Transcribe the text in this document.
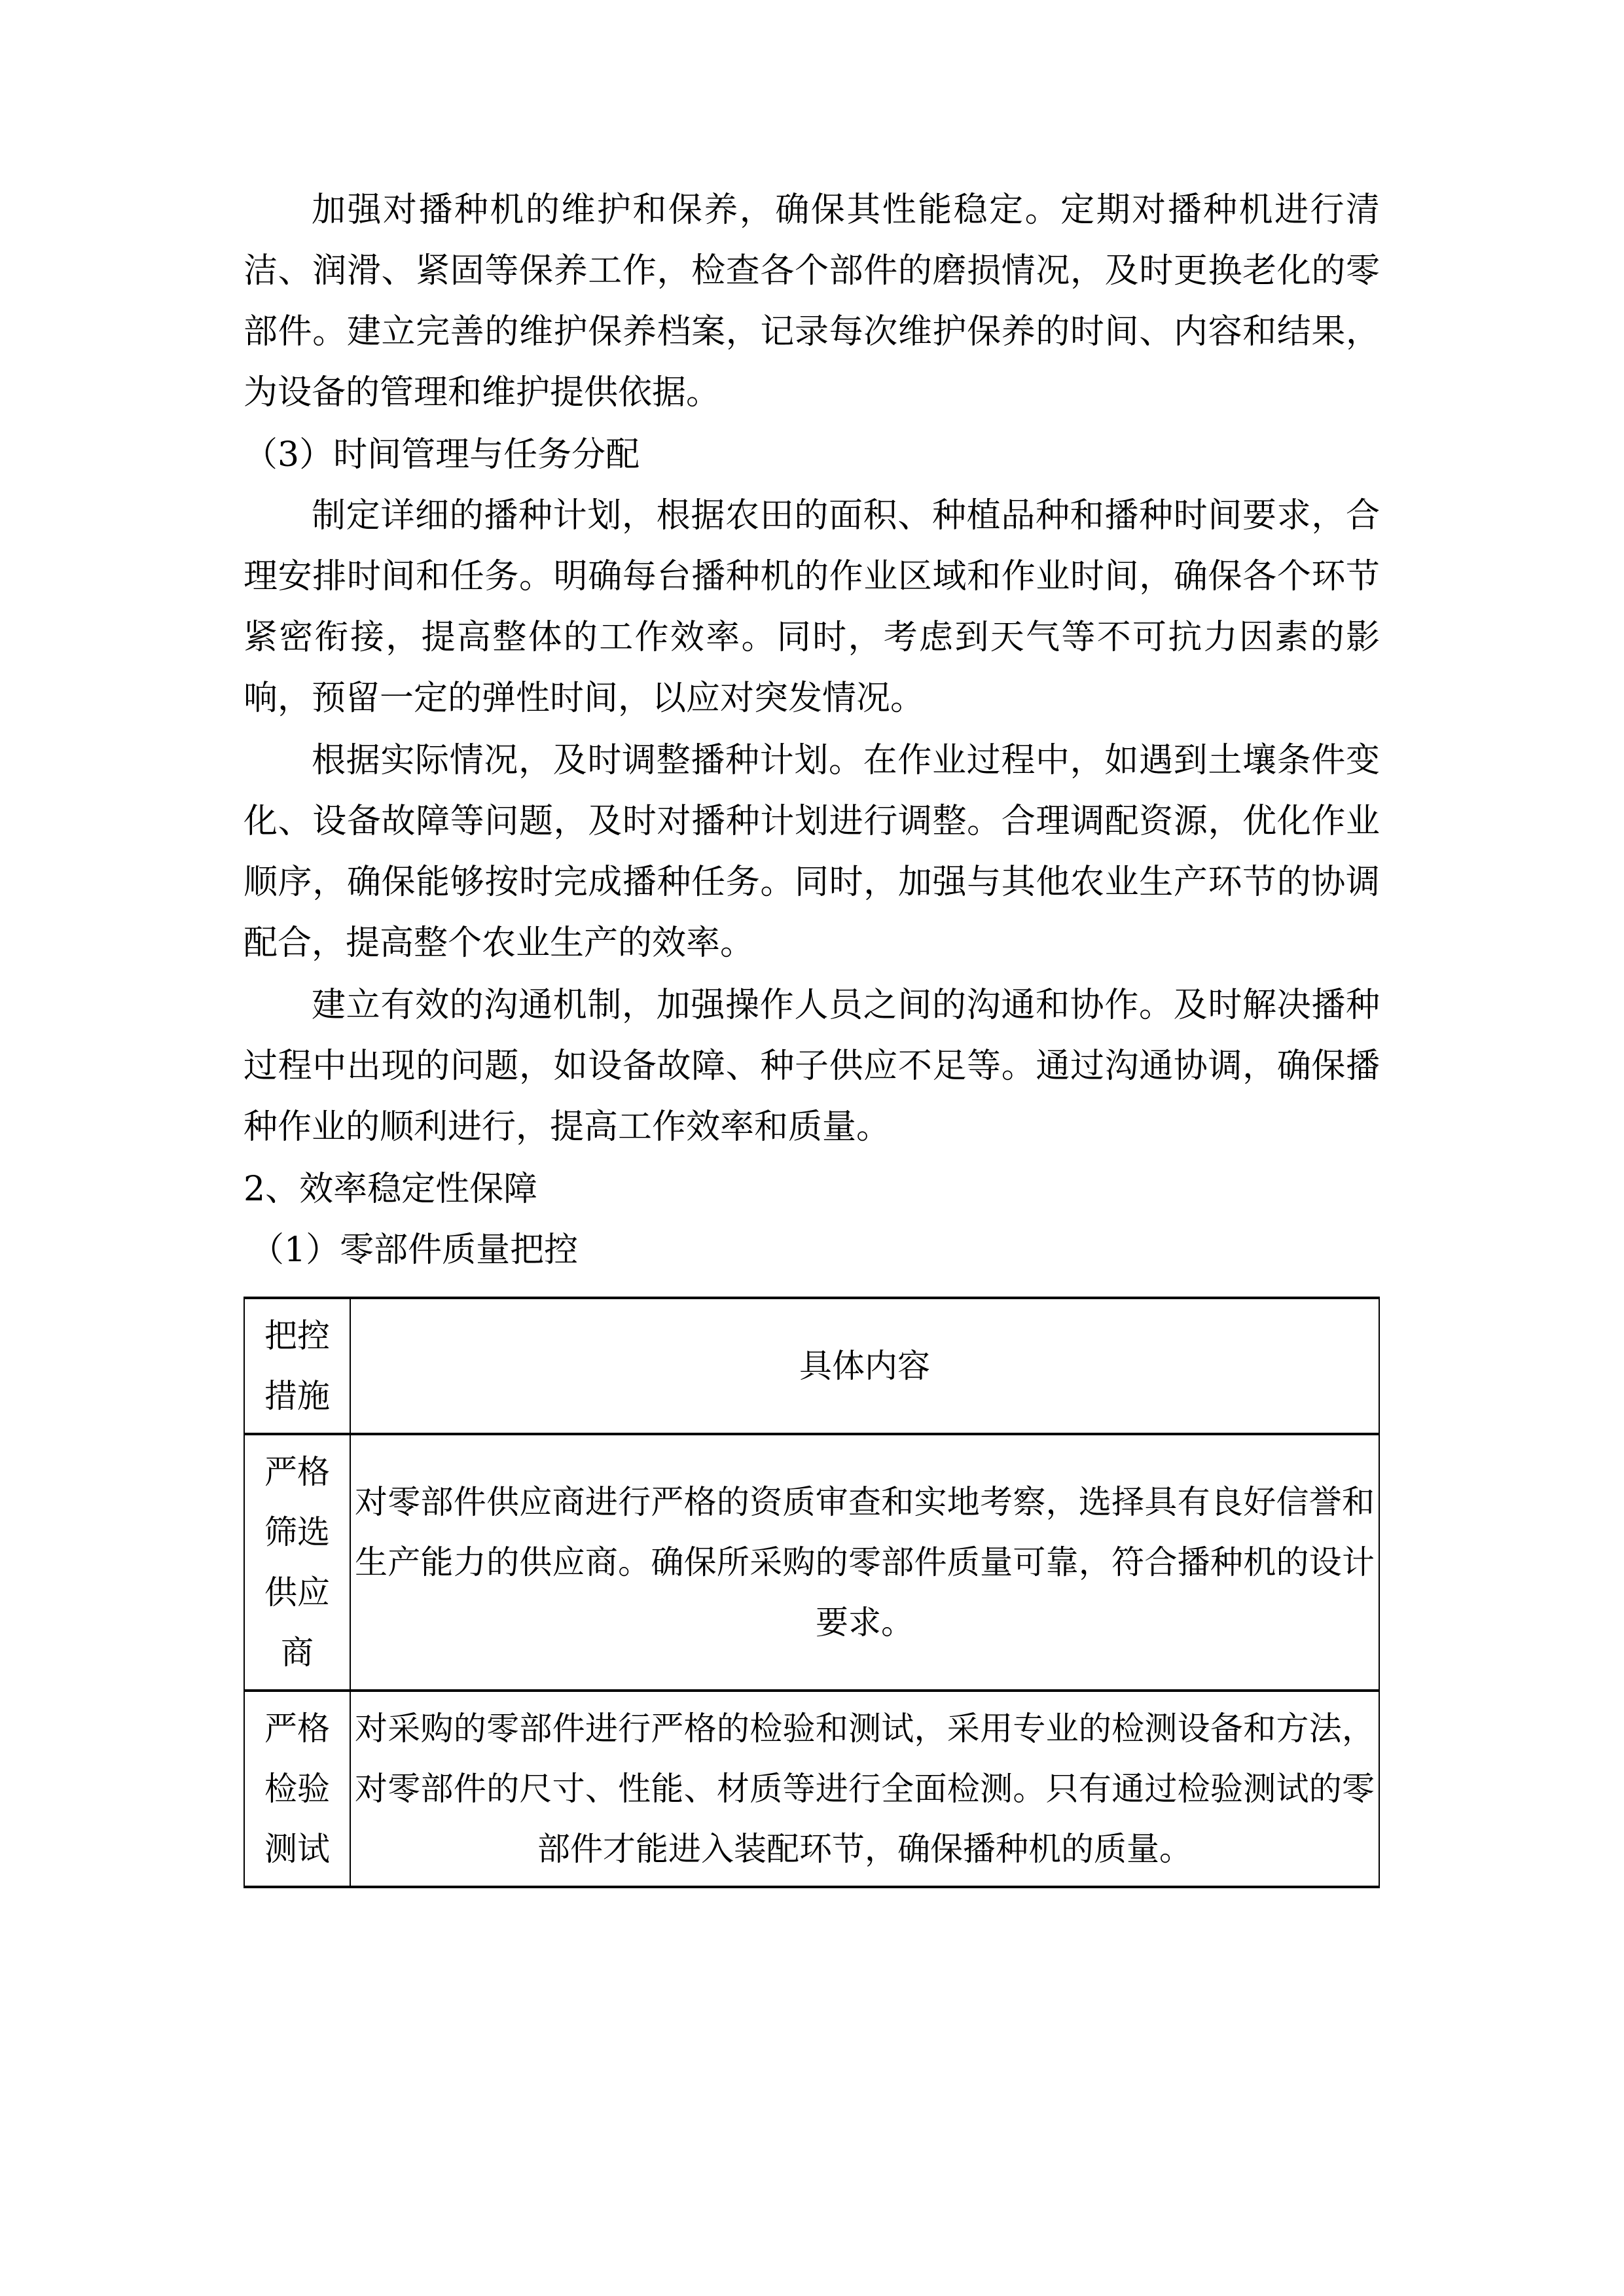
加强对播种机的维护和保养，确保其性能稳定。定期对播种机进行清洁、润滑、紧固等保养工作，检查各个部件的磨损情况，及时更换老化的零部件。建立完善的维护保养档案，记录每次维护保养的时间、内容和结果，为设备的管理和维护提供依据。

（3）时间管理与任务分配

制定详细的播种计划，根据农田的面积、种植品种和播种时间要求，合理安排时间和任务。明确每台播种机的作业区域和作业时间，确保各个环节紧密衔接，提高整体的工作效率。同时，考虑到天气等不可抗力因素的影响，预留一定的弹性时间，以应对突发情况。

根据实际情况，及时调整播种计划。在作业过程中，如遇到土壤条件变化、设备故障等问题，及时对播种计划进行调整。合理调配资源，优化作业顺序，确保能够按时完成播种任务。同时，加强与其他农业生产环节的协调配合，提高整个农业生产的效率。

建立有效的沟通机制，加强操作人员之间的沟通和协作。及时解决播种过程中出现的问题，如设备故障、种子供应不足等。通过沟通协调，确保播种作业的顺利进行，提高工作效率和质量。

2、效率稳定性保障

（1）零部件质量把控

把控措施	具体内容
严格筛选供应商	对零部件供应商进行严格的资质审查和实地考察，选择具有良好信誉和生产能力的供应商。确保所采购的零部件质量可靠，符合播种机的设计要求。
严格检验测试	对采购的零部件进行严格的检验和测试，采用专业的检测设备和方法，对零部件的尺寸、性能、材质等进行全面检测。只有通过检验测试的零部件才能进入装配环节，确保播种机的质量。
